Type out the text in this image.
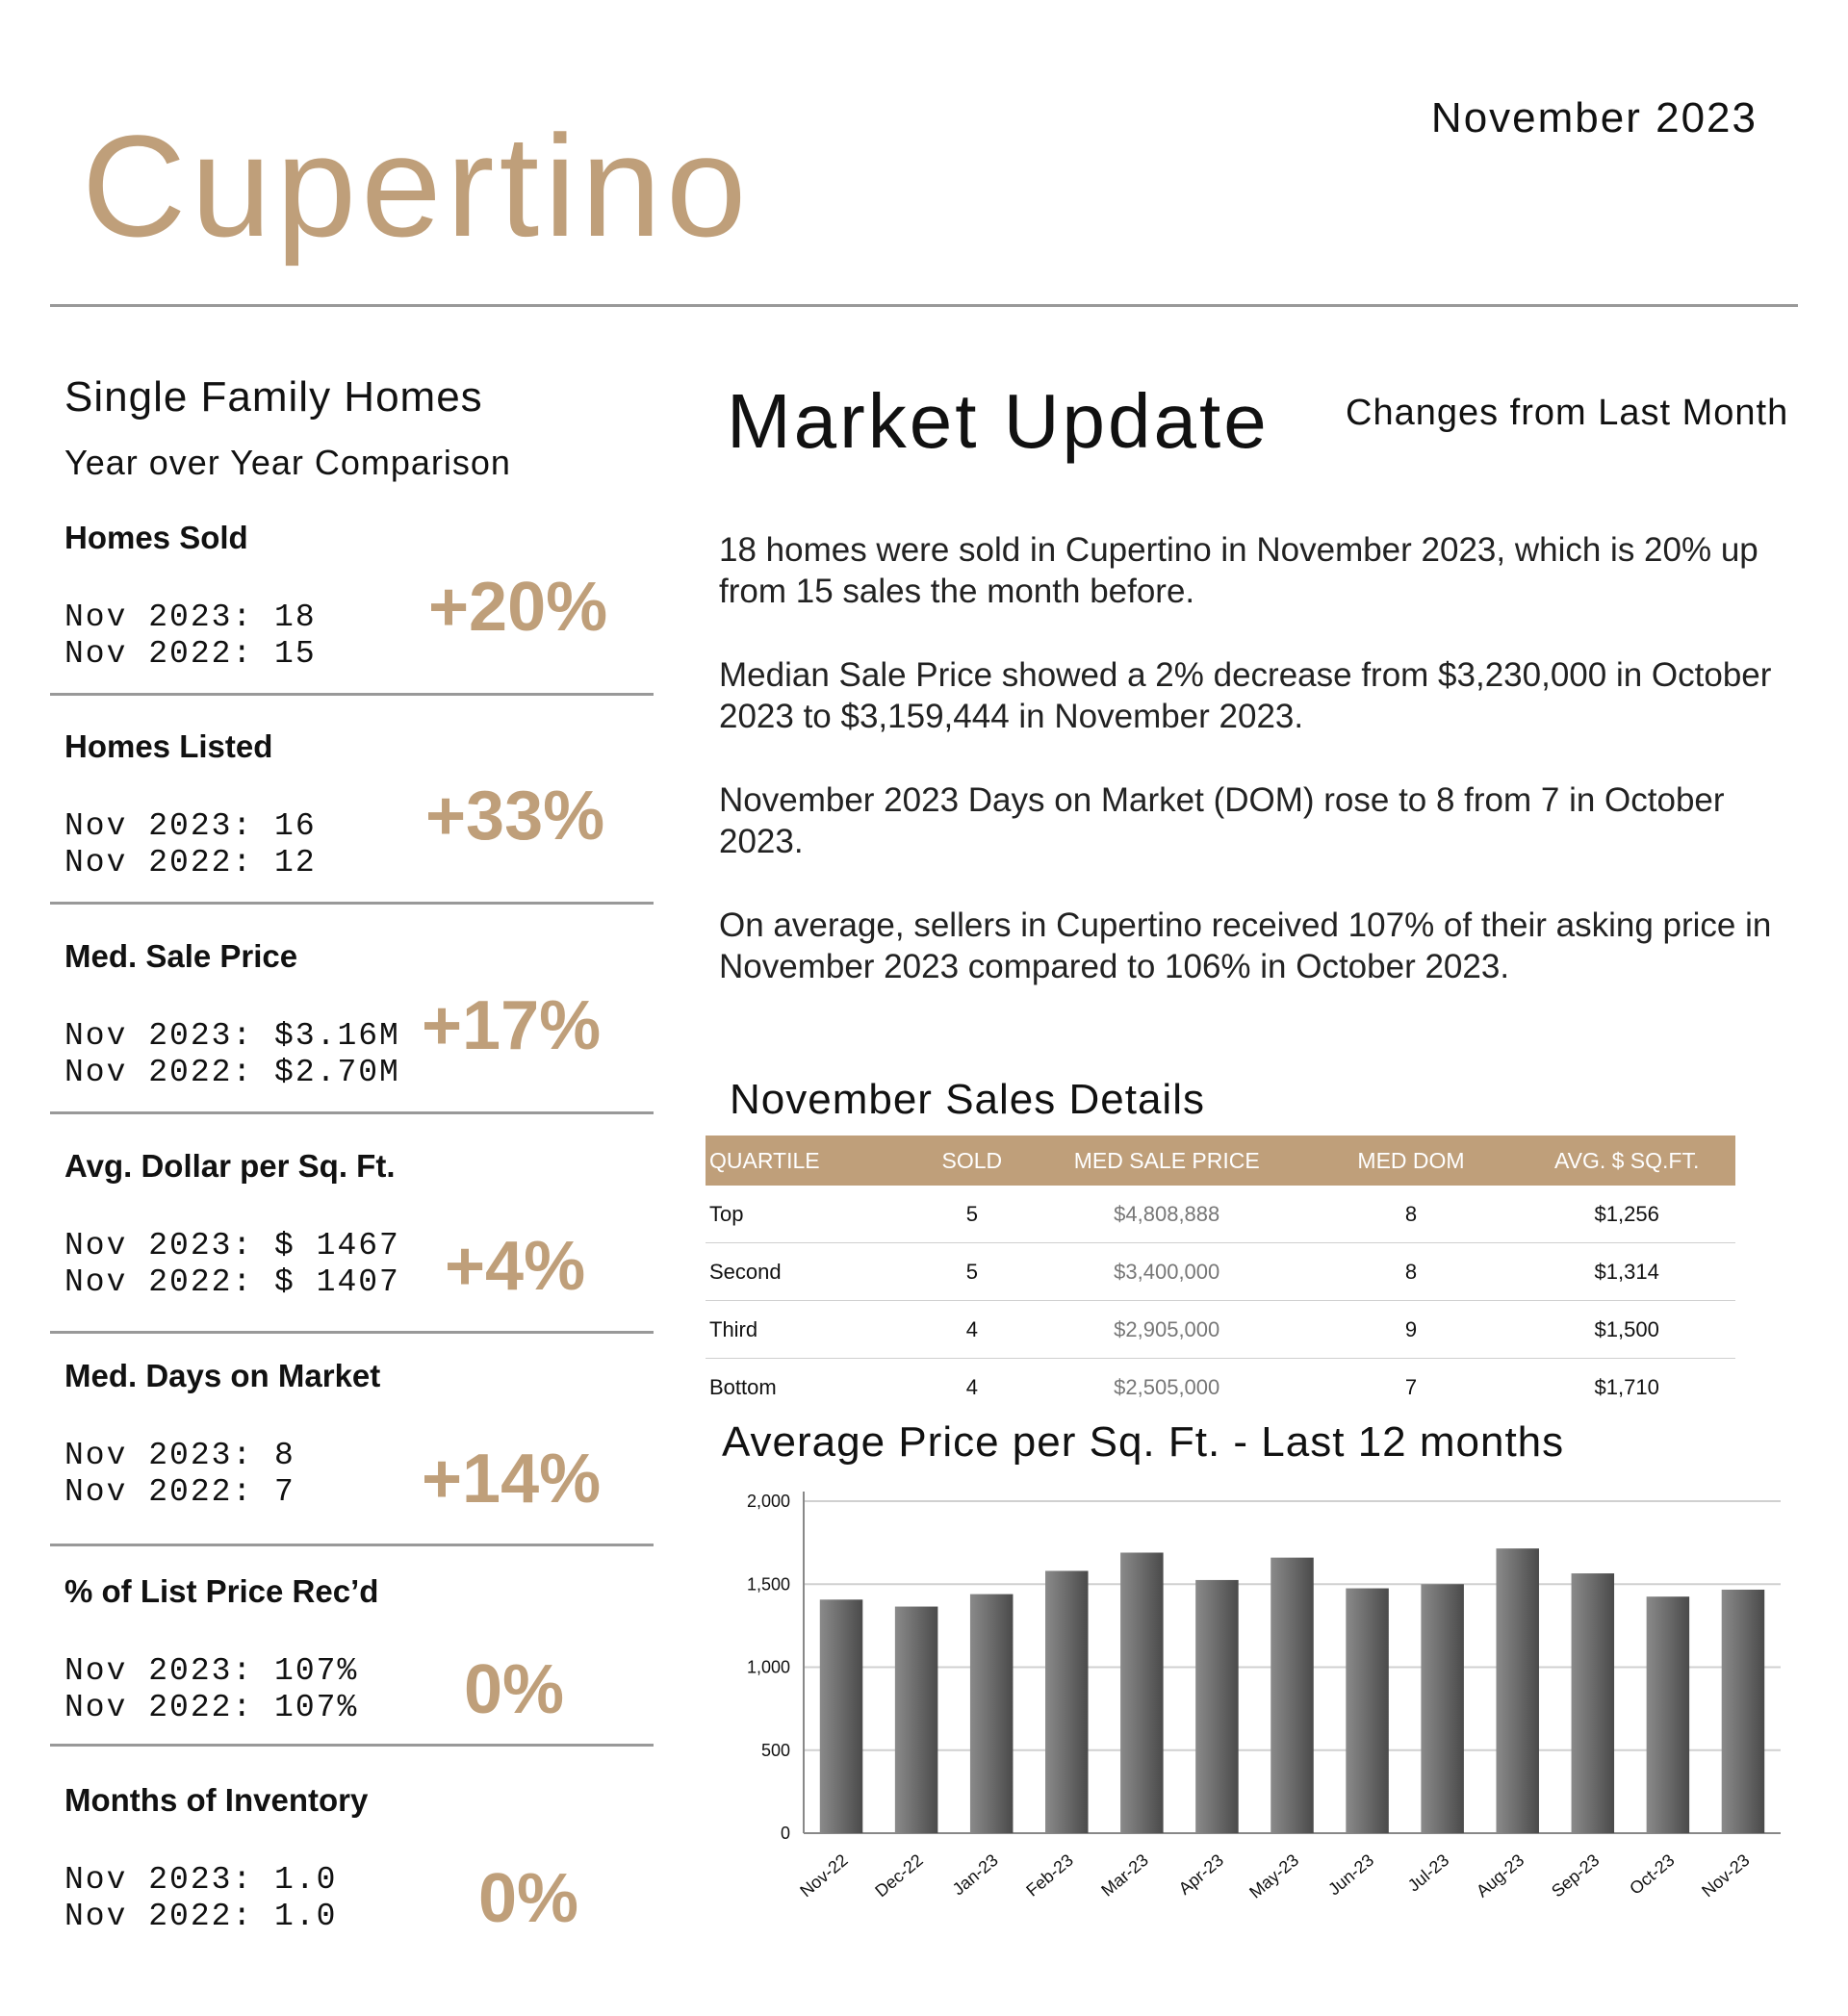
Cupertino	November 2023
Single Family Homes
Year over Year Comparison
Homes Sold
Nov 2023: 18
Nov 2022: 15
+20%
Homes Listed
Nov 2023: 16
Nov 2022: 12
+33%
Med. Sale Price
Nov 2023: $3.16M
Nov 2022: $2.70M
+17%
Avg. Dollar per Sq. Ft.
Nov 2023: $ 1467
Nov 2022: $ 1407 +4%
Med. Days on Market
Nov 2023: 8
Nov 2022: 7 +14%
% of List Price Rec’d
Nov 2023: 107%
Nov 2022: 107% 0%
Months of Inventory
Nov 2023: 1.0
Nov 2022: 1.0 0%
Market Update Changes from Last Month
18 homes were sold in Cupertino in November 2023, which is 20% up from 15 sales the month before.
Median Sale Price showed a 2% decrease from $3,230,000 in October 2023 to $3,159,444 in November 2023.
November 2023 Days on Market (DOM) rose to 8 from 7 in October 2023.
On average, sellers in Cupertino received 107% of their asking price in November 2023 compared to 106% in October 2023.
November Sales Details
QUARTILE	SOLD	MED SALE PRICE	MED DOM	AVG. $ SQ.FT.
Top	5	$4,808,888	8	$1,256
Second	5	$3,400,000	8	$1,314
Third	4	$2,905,000	9	$1,500
Bottom	4	$2,505,000	7	$1,710
Average Price per Sq. Ft. - Last 12 months
0
500
1,000
1,500
2,000
Nov-22 Dec-22 Jan-23 Feb-23 Mar-23 Apr-23 May-23 Jun-23 Jul-23 Aug-23 Sep-23 Oct-23 Nov-23
